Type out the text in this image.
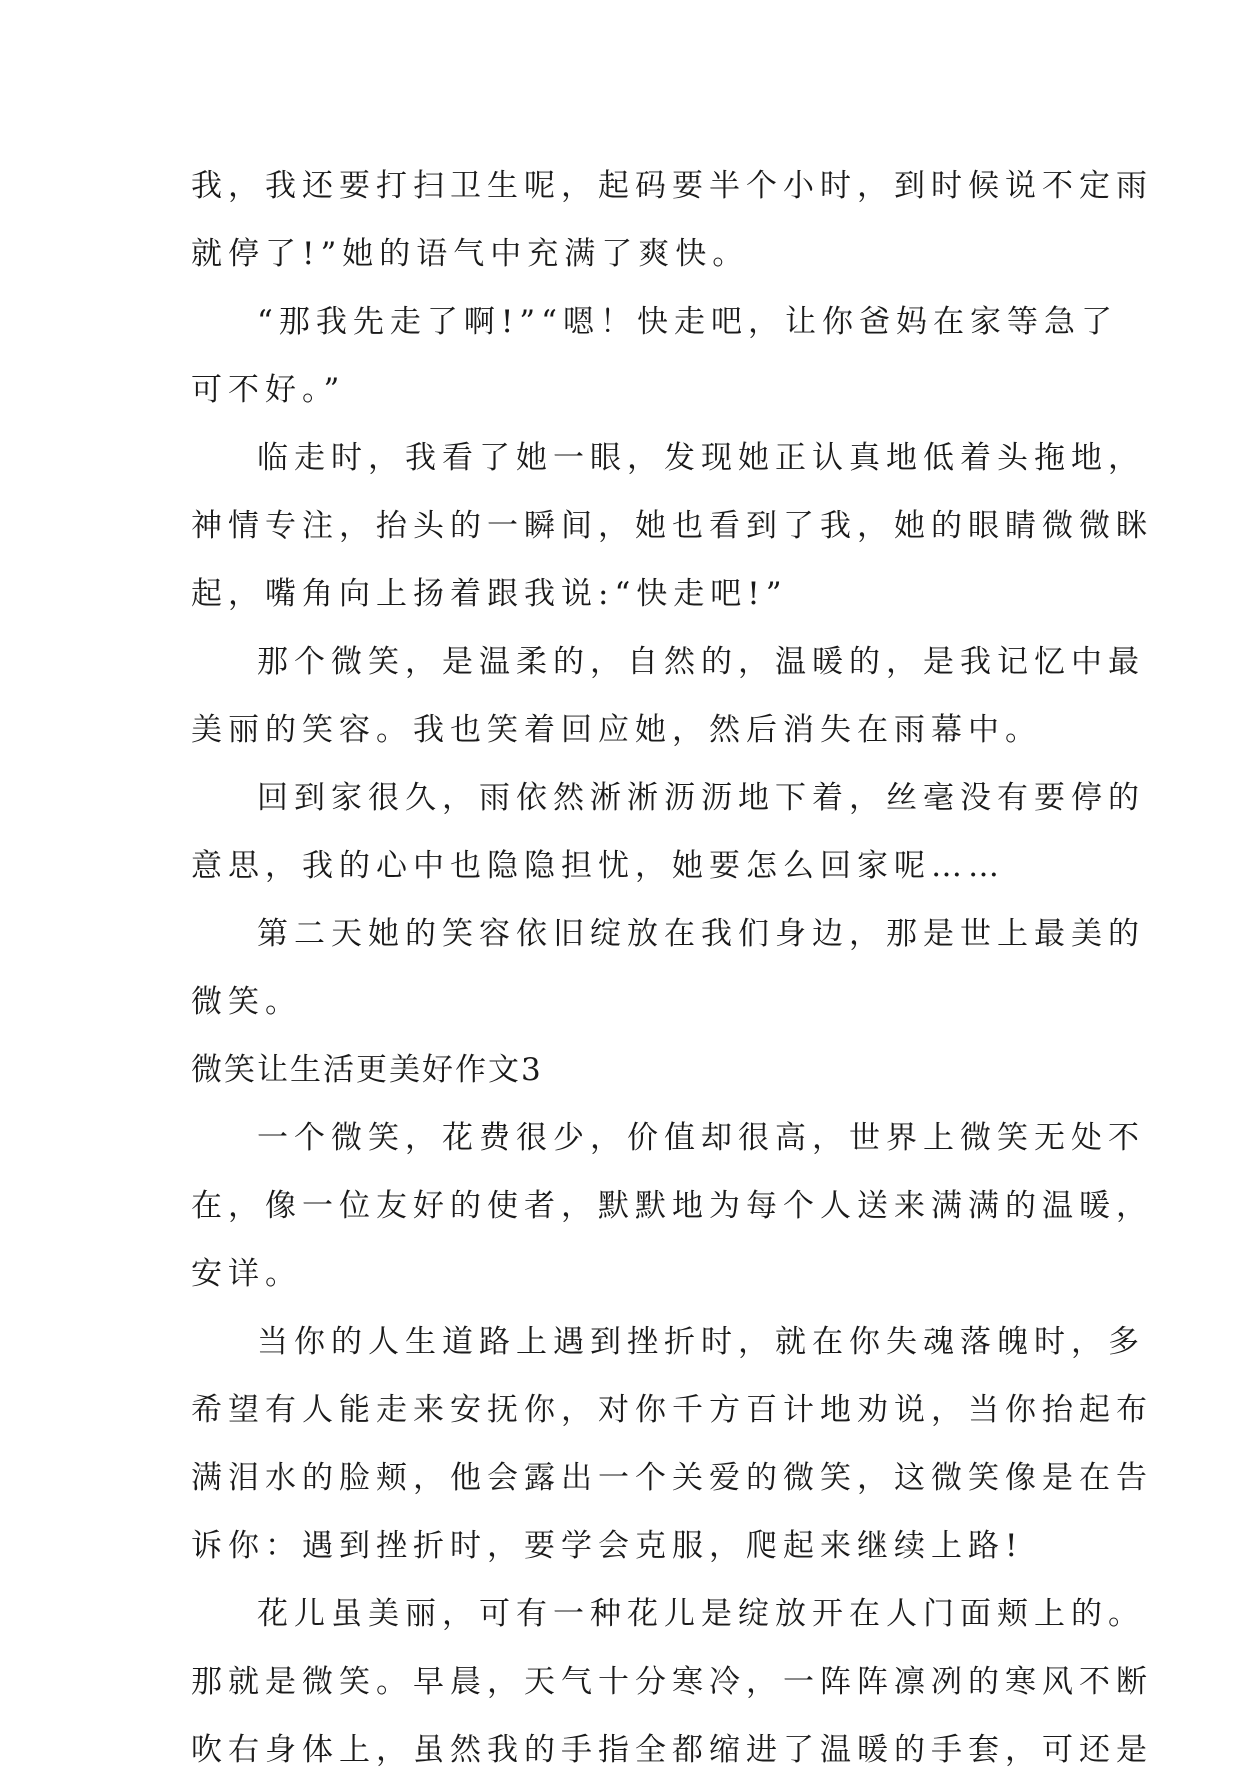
我，我还要打扫卫生呢，起码要半个小时，到时候说不定雨
就停了!”她的语气中充满了爽快。
“那我先走了啊!”“嗯！快走吧，让你爸妈在家等急了
可不好。”
临走时，我看了她一眼，发现她正认真地低着头拖地，
神情专注，抬头的一瞬间，她也看到了我，她的眼睛微微眯
起，嘴角向上扬着跟我说:“快走吧!”
那个微笑，是温柔的，自然的，温暖的，是我记忆中最
美丽的笑容。我也笑着回应她，然后消失在雨幕中。
回到家很久，雨依然淅淅沥沥地下着，丝毫没有要停的
意思，我的心中也隐隐担忧，她要怎么回家呢……
第二天她的笑容依旧绽放在我们身边，那是世上最美的
微笑。
微笑让生活更美好作文3
一个微笑，花费很少，价值却很高，世界上微笑无处不
在，像一位友好的使者，默默地为每个人送来满满的温暖，
安详。
当你的人生道路上遇到挫折时，就在你失魂落魄时，多
希望有人能走来安抚你，对你千方百计地劝说，当你抬起布
满泪水的脸颊，他会露出一个关爱的微笑，这微笑像是在告
诉你：遇到挫折时，要学会克服，爬起来继续上路!
花儿虽美丽，可有一种花儿是绽放开在人门面颊上的。
那就是微笑。早晨，天气十分寒冷，一阵阵凛冽的寒风不断
吹右身体上，虽然我的手指全都缩进了温暖的手套，可还是
